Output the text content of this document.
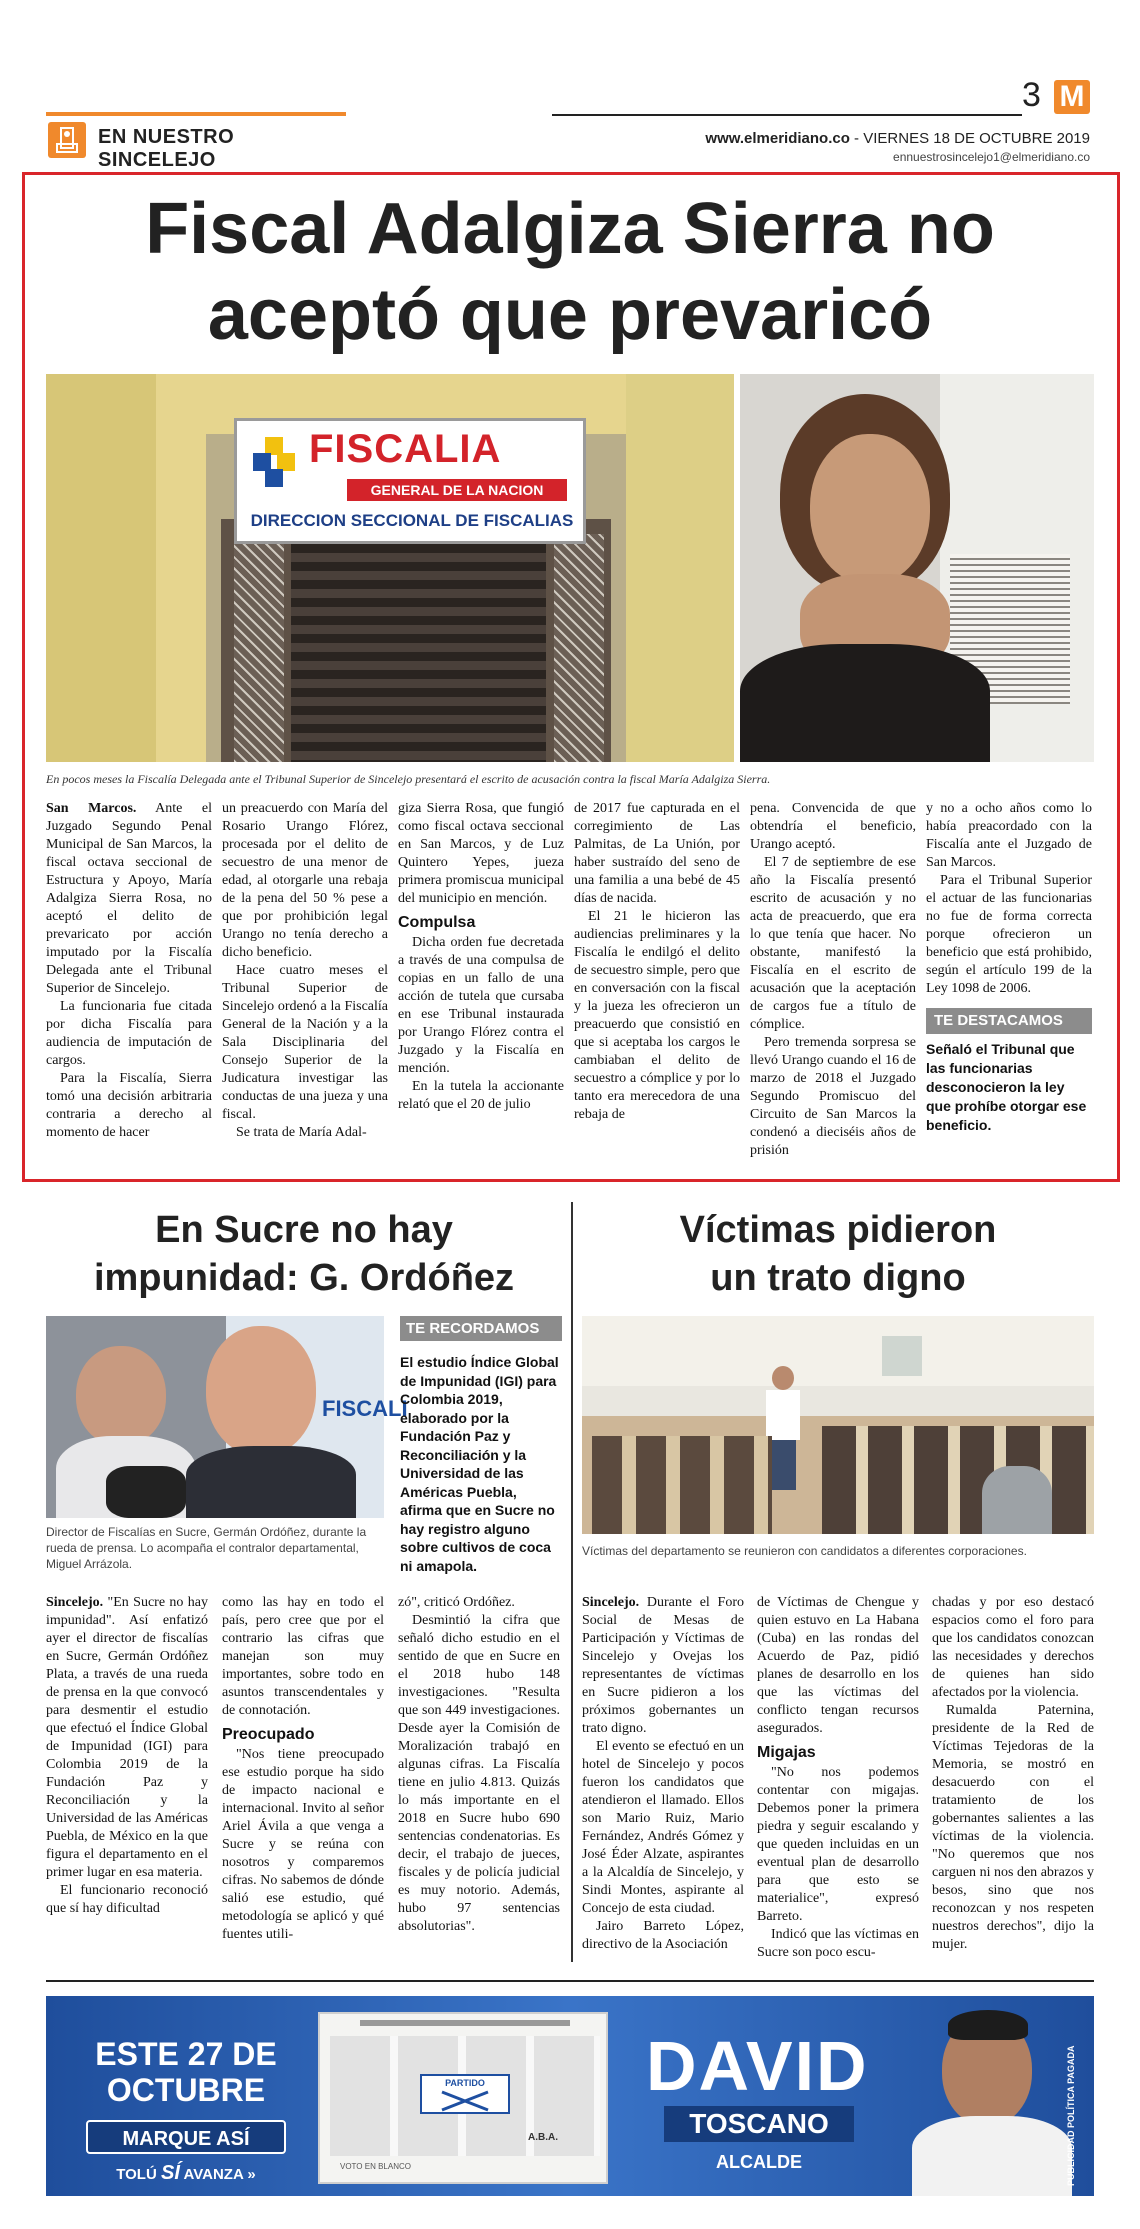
EN NUESTRO SINCELEJO
3 M
www.elmeridiano.co - VIERNES 18 DE OCTUBRE 2019
ennuestrosincelejo1@elmeridiano.co
Fiscal Adalgiza Sierra no aceptó que prevaricó
FISCALIA
GENERAL DE LA NACION
DIRECCION SECCIONAL DE FISCALIAS
En pocos meses la Fiscalía Delegada ante el Tribunal Superior de Sincelejo presentará el escrito de acusación contra la fiscal María Adalgiza Sierra.

San Marcos. Ante el Juzgado Segundo Penal Municipal de San Marcos, la fiscal octava seccional de Estructura y Apoyo, María Adalgiza Sierra Rosa, no aceptó el delito de prevaricato por acción imputado por la Fiscalía Delegada ante el Tribunal Superior de Sincelejo.

La funcionaria fue citada por dicha Fiscalía para audiencia de imputación de cargos.

Para la Fiscalía, Sierra tomó una decisión arbitraria contraria a derecho al momento de hacer

un preacuerdo con María del Rosario Urango Flórez, procesada por el delito de secuestro de una menor de edad, al otorgarle una rebaja de la pena del 50 % pese a que por prohibición legal Urango no tenía derecho a dicho beneficio.

Hace cuatro meses el Tribunal Superior de Sincelejo ordenó a la Fiscalía General de la Nación y a la Sala Disciplinaria del Consejo Superior de la Judicatura investigar las conductas de una jueza y una fiscal.

Se trata de María Adal-

giza Sierra Rosa, que fungió como fiscal octava seccional en San Marcos, y de Luz Quintero Yepes, jueza primera promiscua municipal del municipio en mención.

Compulsa

Dicha orden fue decretada a través de una compulsa de copias en un fallo de una acción de tutela que cursaba en ese Tribunal instaurada por Urango Flórez contra el Juzgado y la Fiscalía en mención.

En la tutela la accionante relató que el 20 de julio

de 2017 fue capturada en el corregimiento de Las Palmitas, de La Unión, por haber sustraído del seno de una familia a una bebé de 45 días de nacida.

El 21 le hicieron las audiencias preliminares y la Fiscalía le endilgó el delito de secuestro simple, pero que en conversación con la fiscal y la jueza les ofrecieron un preacuerdo que consistió en que si aceptaba los cargos le cambiaban el delito de secuestro a cómplice y por lo tanto era merecedora de una rebaja de

pena. Convencida de que obtendría el beneficio, Urango aceptó.

El 7 de septiembre de ese año la Fiscalía presentó escrito de acusación y no acta de preacuerdo, que era lo que tenía que hacer. No obstante, manifestó la Fiscalía en el escrito de acusación que la aceptación de cargos fue a título de cómplice.

Pero tremenda sorpresa se llevó Urango cuando el 16 de marzo de 2018 el Juzgado Segundo Promiscuo del Circuito de San Marcos la condenó a dieciséis años de prisión

y no a ocho años como lo había preacordado con la Fiscalía ante el Juzgado de San Marcos.

Para el Tribunal Superior el actuar de las funcionarias no fue de forma correcta porque ofrecieron un beneficio que está prohibido, según el artículo 199 de la Ley 1098 de 2006.

TE DESTACAMOS
Señaló el Tribunal que las funcionarias desconocieron la ley que prohíbe otorgar ese beneficio.
En Sucre no hay
impunidad: G. Ordóñez
FISCALI
TE RECORDAMOS
El estudio Índice Global de Impunidad (IGI) para Colombia 2019, elaborado por la Fundación Paz y Reconciliación y la Universidad de las Américas Puebla, afirma que en Sucre no hay registro alguno sobre cultivos de coca ni amapola.
Director de Fiscalías en Sucre, Germán Ordóñez, durante la rueda de prensa. Lo acompaña el contralor departamental, Miguel Arrázola.

Sincelejo. "En Sucre no hay impunidad". Así enfatizó ayer el director de fiscalías en Sucre, Germán Ordóñez Plata, a través de una rueda de prensa en la que convocó para desmentir el estudio que efectuó el Índice Global de Impunidad (IGI) para Colombia 2019 de la Fundación Paz y Reconciliación y la Universidad de las Américas Puebla, de México en la que figura el departamento en el primer lugar en esa materia.

El funcionario reconoció que sí hay dificultad

como las hay en todo el país, pero cree que por el contrario las cifras que manejan son muy importantes, sobre todo en asuntos transcendentales y de connotación.

Preocupado

"Nos tiene preocupado ese estudio porque ha sido de impacto nacional e internacional. Invito al señor Ariel Ávila a que venga a Sucre y se reúna con nosotros y comparemos cifras. No sabemos de dónde salió ese estudio, qué metodología se aplicó y qué fuentes utili-

zó", criticó Ordóñez.

Desmintió la cifra que señaló dicho estudio en el sentido de que en Sucre en el 2018 hubo 148 investigaciones. "Resulta que son 449 investigaciones. Desde ayer la Comisión de Moralización trabajó en algunas cifras. La Fiscalía tiene en julio 4.813. Quizás lo más importante en el 2018 en Sucre hubo 690 sentencias condenatorias. Es decir, el trabajo de jueces, fiscales y de policía judicial es muy notorio. Además, hubo 97 sentencias absolutorias".

Víctimas pidieron
un trato digno
Víctimas del departamento se reunieron con candidatos a diferentes corporaciones.

Sincelejo. Durante el Foro Social de Mesas de Participación y Víctimas de Sincelejo y Ovejas los representantes de víctimas en Sucre pidieron a los próximos gobernantes un trato digno.

El evento se efectuó en un hotel de Sincelejo y pocos fueron los candidatos que atendieron el llamado. Ellos son Mario Ruiz, Mario Fernández, Andrés Gómez y José Éder Alzate, aspirantes a la Alcaldía de Sincelejo, y Sindi Montes, aspirante al Concejo de esta ciudad.

Jairo Barreto López, directivo de la Asociación

de Víctimas de Chengue y quien estuvo en La Habana (Cuba) en las rondas del Acuerdo de Paz, pidió planes de desarrollo en los que las víctimas del conflicto tengan recursos asegurados.

Migajas

"No nos podemos contentar con migajas. Debemos poner la primera piedra y seguir escalando y que queden incluidas en un eventual plan de desarrollo para que esto se materialice", expresó Barreto.

Indicó que las víctimas en Sucre son poco escu-

chadas y por eso destacó espacios como el foro para que los candidatos conozcan las necesidades y derechos de quienes han sido afectados por la violencia.

Rumalda Paternina, presidente de la Red de Víctimas Tejedoras de la Memoria, se mostró en desacuerdo con el tratamiento de los gobernantes salientes a las víctimas de la violencia. "No queremos que nos carguen ni nos den abrazos y besos, sino que nos reconozcan y nos respeten nuestros derechos", dijo la mujer.

ESTE 27 DE
OCTUBRE
MARQUE ASÍ
TOLÚ SÍ AVANZA »
PARTIDO
A.B.A.
VOTO EN BLANCO
DAVID
TOSCANO
ALCALDE	PUBLICIDAD POLÍTICA PAGADA
